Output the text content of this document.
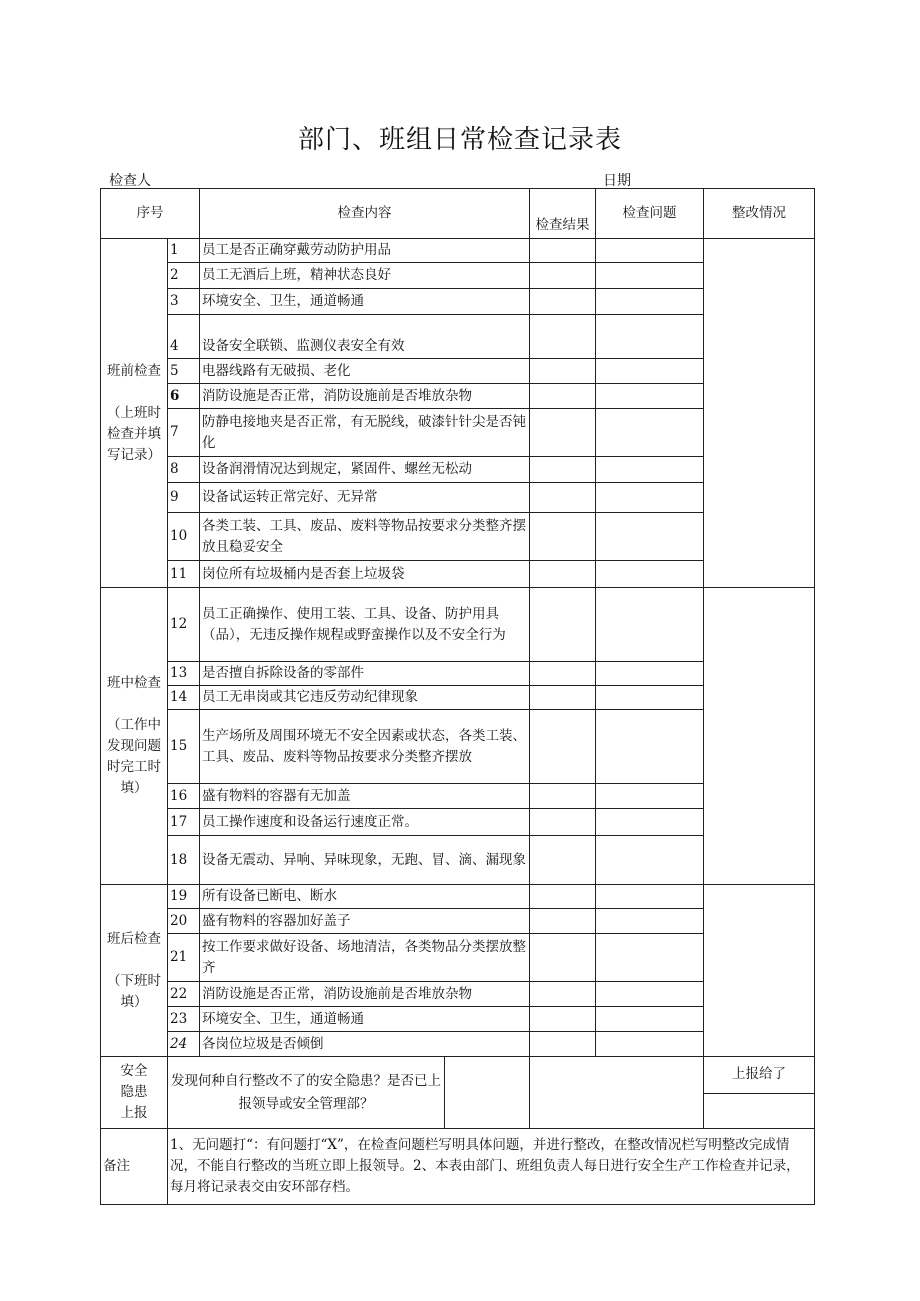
部门、班组日常检查记录表
检查人	日期
序号		检查内容	检查结果	检查问题	整改情况
班前检查

（上班时检查并填写记录）	1	员工是否正确穿戴劳动防护用品			
	2	员工无酒后上班，精神状态良好			
	3	环境安全、卫生，通道畅通			
	4	设备安全联锁、监测仪表安全有效			
	5	电器线路有无破损、老化			
	6	消防设施是否正常，消防设施前是否堆放杂物			
	7	防静电接地夹是否正常，有无脱线，破漆针针尖是否钝化			
	8	设备润滑情况达到规定，紧固件、螺丝无松动			
	9	设备试运转正常完好、无异常			
	10	各类工装、工具、废品、废料等物品按要求分类整齐摆放且稳妥安全			
	11	岗位所有垃圾桶内是否套上垃圾袋			
班中检查

（工作中发现问题时完工时填）	12	员工正确操作、使用工装、工具、设备、防护用具（品），无违反操作规程或野蛮操作以及不安全行为			
	13	是否擅自拆除设备的零部件			
	14	员工无串岗或其它违反劳动纪律现象			
	15	生产场所及周围环境无不安全因素或状态，各类工装、工具、废品、废料等物品按要求分类整齐摆放			
	16	盛有物料的容器有无加盖			
	17	员工操作速度和设备运行速度正常。			
	18	设备无震动、异响、异味现象，无跑、冒、滴、漏现象			
班后检查

（下班时填）	19	所有设备已断电、断水			
	20	盛有物料的容器加好盖子			
	21	按工作要求做好设备、场地清洁，各类物品分类摆放整齐			
	22	消防设施是否正常，消防设施前是否堆放杂物			
	23	环境安全、卫生，通道畅通			
	24	各岗位垃圾是否倾倒			
安全隐患上报	发现何种自行整改不了的安全隐患？是否已上报领导或安全管理部？				上报给了

备注	1、无问题打“：有问题打“X”，在检查问题栏写明具体问题，并进行整改，在整改情况栏写明整改完成情况，不能自行整改的当班立即上报领导。2、本表由部门、班组负责人每日进行安全生产工作检查并记录，每月将记录表交由安环部存档。				
